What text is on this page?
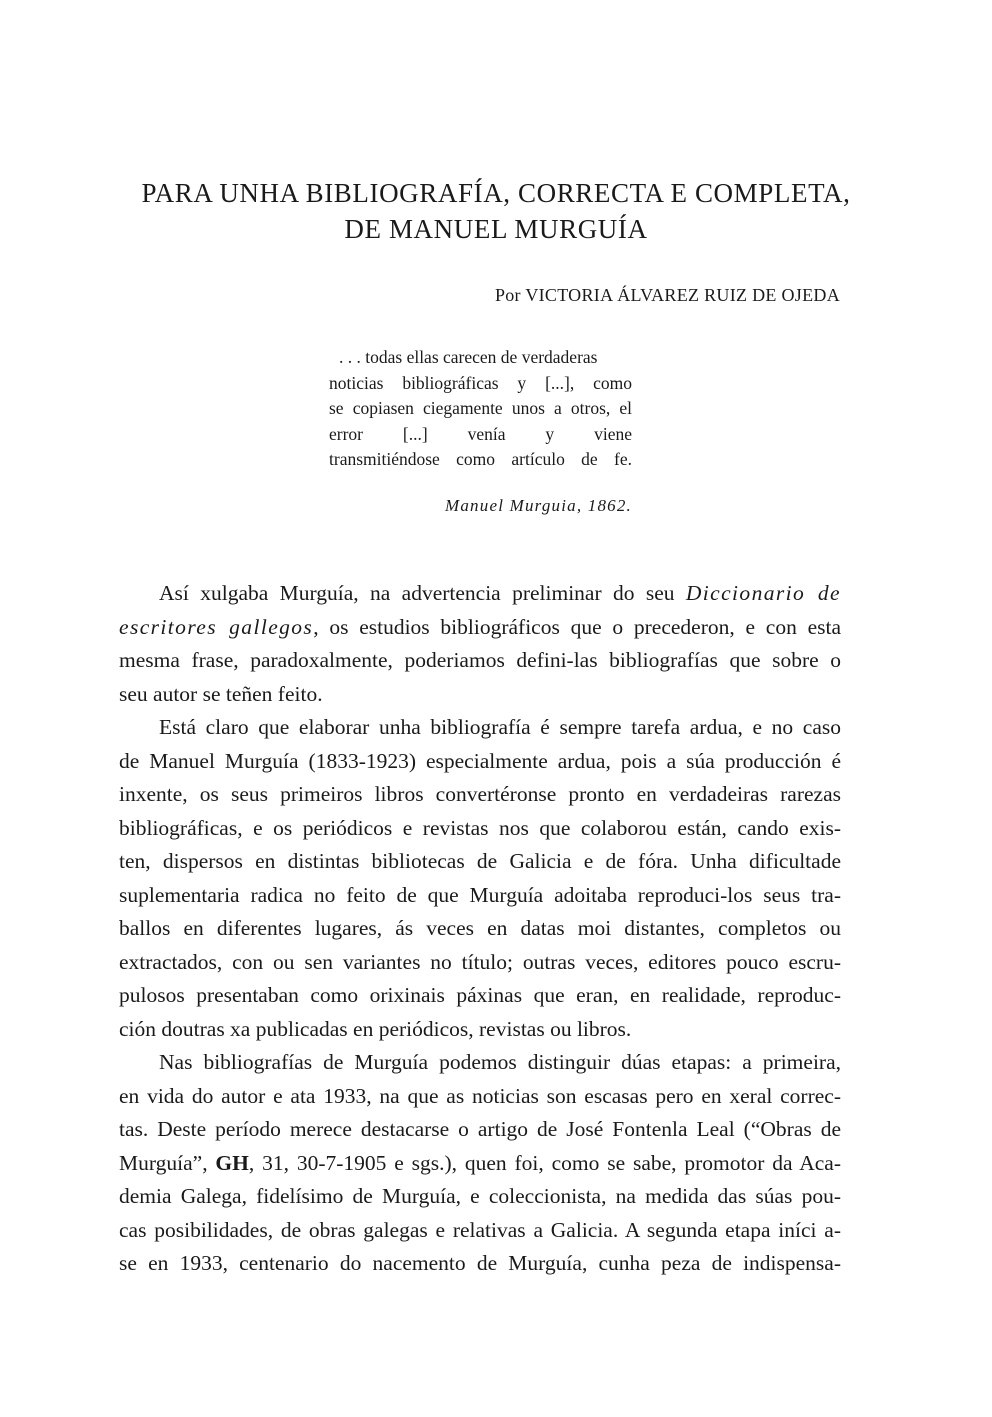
PARA UNHA BIBLIOGRAFÍA, CORRECTA E COMPLETA,
DE MANUEL MURGUÍA
Por VICTORIA ÁLVAREZ RUIZ DE OJEDA
. . . todas ellas carecen de verdaderas
noticias bibliográficas y [...], como
se copiasen ciegamente unos a otros, el
error [...] venía y viene
transmitiéndose como artículo de fe.
Manuel Murguia, 1862.
Así xulgaba Murguía, na advertencia preliminar do seu Diccionario de
escritores gallegos, os estudios bibliográficos que o precederon, e con esta
mesma frase, paradoxalmente, poderiamos defini-las bibliografías que sobre o
seu autor se teñen feito.
Está claro que elaborar unha bibliografía é sempre tarefa ardua, e no caso
de Manuel Murguía (1833-1923) especialmente ardua, pois a súa producción é
inxente, os seus primeiros libros convertéronse pronto en verdadeiras rarezas
bibliográficas, e os periódicos e revistas nos que colaborou están, cando exis-
ten, dispersos en distintas bibliotecas de Galicia e de fóra. Unha dificultade
suplementaria radica no feito de que Murguía adoitaba reproduci-los seus tra-
ballos en diferentes lugares, ás veces en datas moi distantes, completos ou
extractados, con ou sen variantes no título; outras veces, editores pouco escru-
pulosos presentaban como orixinais páxinas que eran, en realidade, reproduc-
ción doutras xa publicadas en periódicos, revistas ou libros.
Nas bibliografías de Murguía podemos distinguir dúas etapas: a primeira,
en vida do autor e ata 1933, na que as noticias son escasas pero en xeral correc-
tas. Deste período merece destacarse o artigo de José Fontenla Leal (“Obras de
Murguía”, GH, 31, 30-7-1905 e sgs.), quen foi, como se sabe, promotor da Aca-
demia Galega, fidelísimo de Murguía, e coleccionista, na medida das súas pou-
cas posibilidades, de obras galegas e relativas a Galicia. A segunda etapa iníci a-
se en 1933, centenario do nacemento de Murguía, cunha peza de indispensa-
